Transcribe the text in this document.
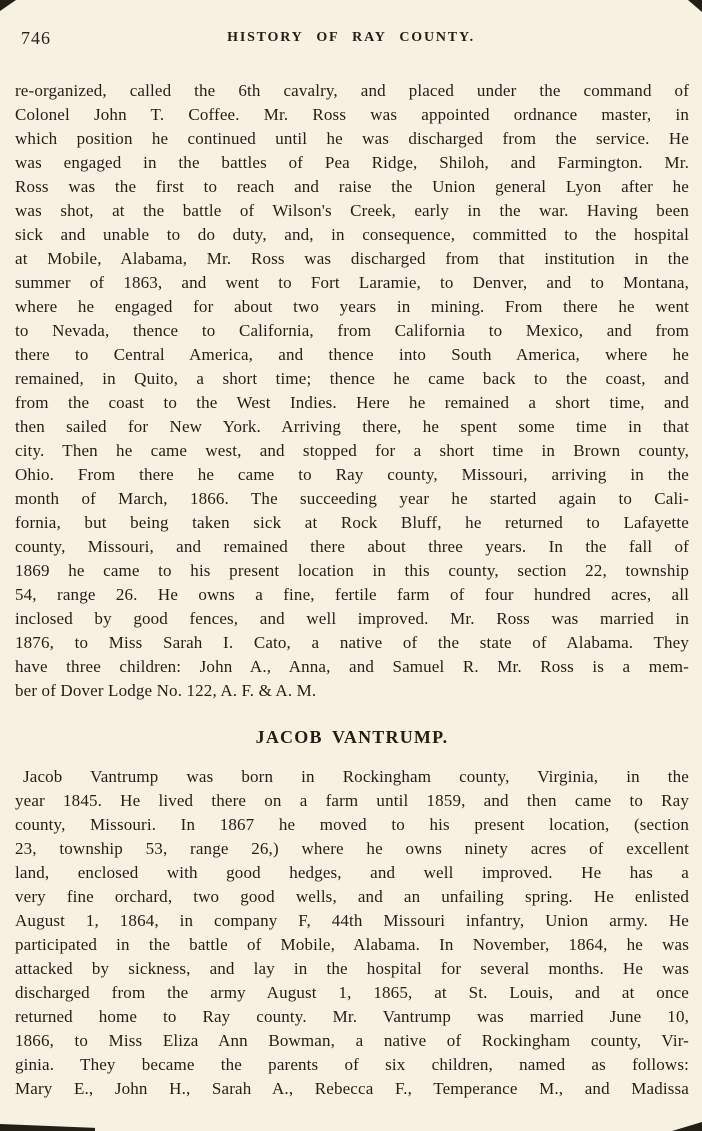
746	HISTORY OF RAY COUNTY.
re-organized, called the 6th cavalry, and placed under the command of
Colonel John T. Coffee. Mr. Ross was appointed ordnance master, in
which position he continued until he was discharged from the service. He
was engaged in the battles of Pea Ridge, Shiloh, and Farmington. Mr.
Ross was the first to reach and raise the Union general Lyon after he
was shot, at the battle of Wilson's Creek, early in the war. Having been
sick and unable to do duty, and, in consequence, committed to the hospital
at Mobile, Alabama, Mr. Ross was discharged from that institution in the
summer of 1863, and went to Fort Laramie, to Denver, and to Montana,
where he engaged for about two years in mining. From there he went
to Nevada, thence to California, from California to Mexico, and from
there to Central America, and thence into South America, where he
remained, in Quito, a short time; thence he came back to the coast, and
from the coast to the West Indies. Here he remained a short time, and
then sailed for New York. Arriving there, he spent some time in that
city. Then he came west, and stopped for a short time in Brown county,
Ohio. From there he came to Ray county, Missouri, arriving in the
month of March, 1866. The succeeding year he started again to Cali-
fornia, but being taken sick at Rock Bluff, he returned to Lafayette
county, Missouri, and remained there about three years. In the fall of
1869 he came to his present location in this county, section 22, township
54, range 26. He owns a fine, fertile farm of four hundred acres, all
inclosed by good fences, and well improved. Mr. Ross was married in
1876, to Miss Sarah I. Cato, a native of the state of Alabama. They
have three children: John A., Anna, and Samuel R. Mr. Ross is a mem-
ber of Dover Lodge No. 122, A. F. & A. M.
JACOB VANTRUMP.
Jacob Vantrump was born in Rockingham county, Virginia, in the
year 1845. He lived there on a farm until 1859, and then came to Ray
county, Missouri. In 1867 he moved to his present location, (section
23, township 53, range 26,) where he owns ninety acres of excellent
land, enclosed with good hedges, and well improved. He has a
very fine orchard, two good wells, and an unfailing spring. He enlisted
August 1, 1864, in company F, 44th Missouri infantry, Union army. He
participated in the battle of Mobile, Alabama. In November, 1864, he was
attacked by sickness, and lay in the hospital for several months. He was
discharged from the army August 1, 1865, at St. Louis, and at once
returned home to Ray county. Mr. Vantrump was married June 10,
1866, to Miss Eliza Ann Bowman, a native of Rockingham county, Vir-
ginia. They became the parents of six children, named as follows:
Mary E., John H., Sarah A., Rebecca F., Temperance M., and Madissa
